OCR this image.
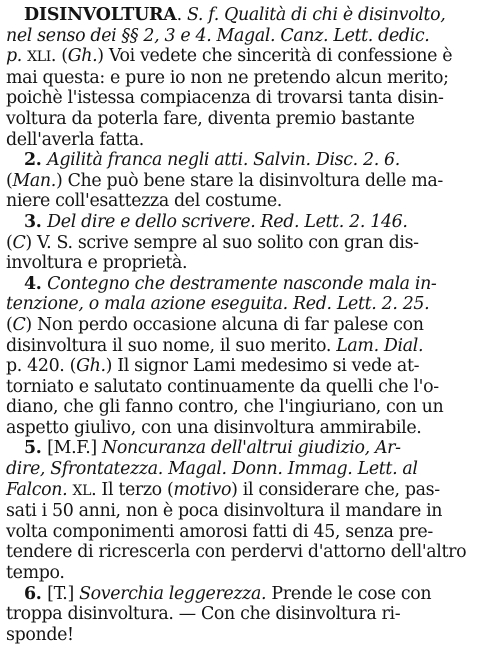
DISINVOLTURA. S. f. Qualità di chi è disinvolto,
nel senso dei §§ 2, 3 e 4. Magal. Canz. Lett. dedic.
p. XLI. (Gh.) Voi vedete che sincerità di confessione è
mai questa: e pure io non ne pretendo alcun merito;
poichè l'istessa compiacenza di trovarsi tanta disin-
voltura da poterla fare, diventa premio bastante
dell'averla fatta.
2. Agilità franca negli atti. Salvin. Disc. 2. 6.
(Man.) Che può bene stare la disinvoltura delle ma-
niere coll'esattezza del costume.
3. Del dire e dello scrivere. Red. Lett. 2. 146.
(C) V. S. scrive sempre al suo solito con gran dis-
involtura e proprietà.
4. Contegno che destramente nasconde mala in-
tenzione, o mala azione eseguita. Red. Lett. 2. 25.
(C) Non perdo occasione alcuna di far palese con
disinvoltura il suo nome, il suo merito. Lam. Dial.
p. 420. (Gh.) Il signor Lami medesimo si vede at-
torniato e salutato continuamente da quelli che l'o-
diano, che gli fanno contro, che l'ingiuriano, con un
aspetto giulivo, con una disinvoltura ammirabile.
5. [M.F.] Noncuranza dell'altrui giudizio, Ar-
dire, Sfrontatezza. Magal. Donn. Immag. Lett. al
Falcon. XL. Il terzo (motivo) il considerare che, pas-
sati i 50 anni, non è poca disinvoltura il mandare in
volta componimenti amorosi fatti di 45, senza pre-
tendere di ricrescerla con perdervi d'attorno dell'altro
tempo.
6. [T.] Soverchia leggerezza. Prende le cose con
troppa disinvoltura. — Con che disinvoltura ri-
sponde!
